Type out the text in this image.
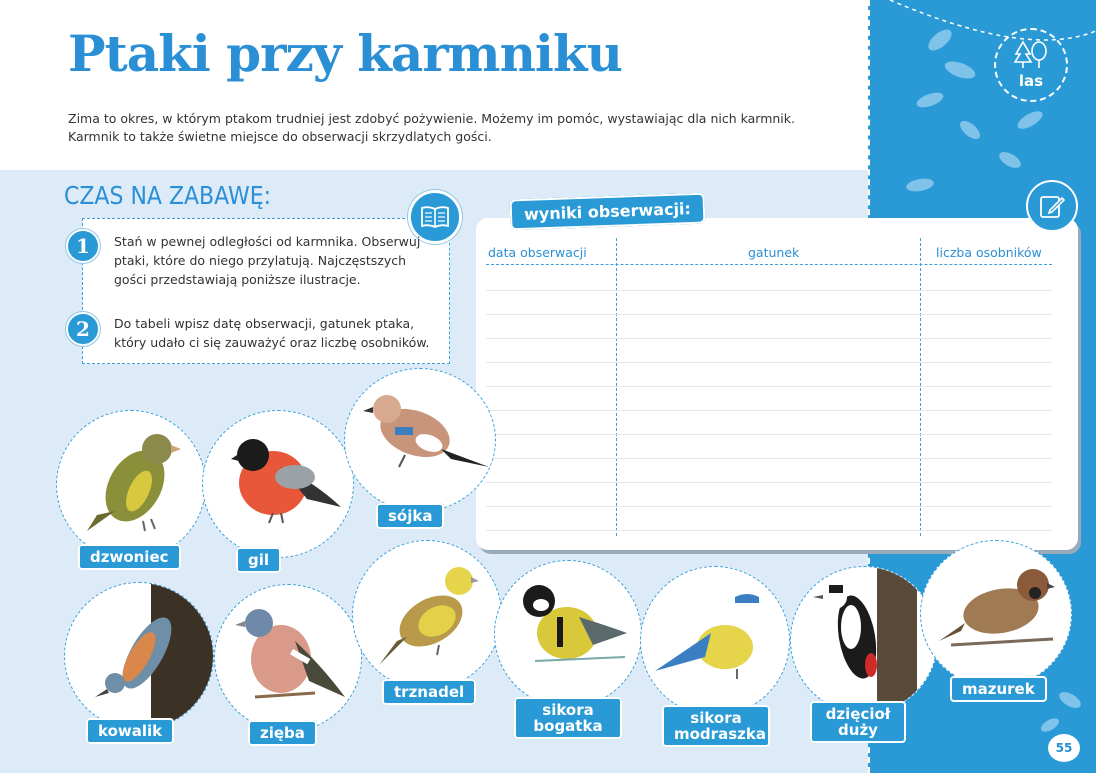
las
Ptaki przy karmniku

Zima to okres, w którym ptakom trudniej jest zdobyć pożywienie. Możemy im pomóc, wystawiając dla nich karmnik. Karmnik to także świetne miejsce do obserwacji skrzydlatych gości.

CZAS NA ZABAWĘ:
1	Stań w pewnej odległości od karmnika. Obserwuj ptaki, które do niego przylatują. Najczęstszych gości przedstawiają poniższe ilustracje.

2	Do tabeli wpisz datę obserwacji, gatunek ptaka, który udało ci się zauważyć oraz liczbę osobników.

wyniki obserwacji:
data obserwacji	gatunek	liczba osobników
dzwoniec	gil
sójka
kowalik	zięba
trznadel
sikora bogatka	sikora modraszka
dzięcioł duży
mazurek
55
